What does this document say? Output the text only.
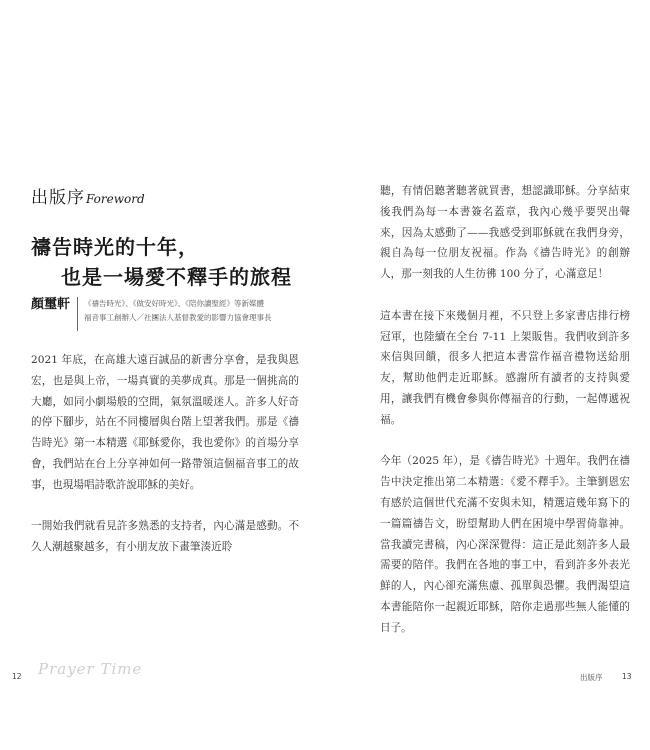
出版序 Foreword
禱告時光的十年，
也是一場愛不釋手的旅程
顏璽軒	《禱告時光》、《做安好時光》、《陪你讀聖經》等新媒體
福音事工創辦人／社團法人基督教愛的影響力協會理事長

2021 年底，在高雄大遠百誠品的新書分享會，是我與恩宏，也是與上帝，一場真實的美夢成真。那是一個挑高的大廳，如同小劇場般的空間，氣氛溫暖迷人。許多人好奇的停下腳步，站在不同樓層與台階上望著我們。那是《禱告時光》第一本精選《耶穌愛你，我也愛你》的首場分享會，我們站在台上分享神如何一路帶領這個福音事工的故事，也現場唱詩歌許說耶穌的美好。

一開始我們就看見許多熟悉的支持者，內心滿是感動。不久人潮越聚越多，有小朋友放下畫筆湊近聆

聽，有情侶聽著聽著就買書，想認識耶穌。分享結束後我們為每一本書簽名蓋章，我內心幾乎要哭出聲來，因為太感動了——我感受到耶穌就在我們身旁，親自為每一位朋友祝福。作為《禱告時光》的創辦人，那一刻我的人生彷彿 100 分了，心滿意足！

這本書在接下來幾個月裡，不只登上多家書店排行榜冠軍，也陸續在全台 7-11 上架販售。我們收到許多來信與回饋，很多人把這本書當作福音禮物送給朋友，幫助他們走近耶穌。感謝所有讀者的支持與愛用，讓我們有機會參與你傳福音的行動，一起傳遞祝福。

今年（2025 年），是《禱告時光》十週年。我們在禱告中決定推出第二本精選：《愛不釋手》。主筆劉恩宏有感於這個世代充滿不安與未知，精選這幾年寫下的一篇篇禱告文，盼望幫助人們在困境中學習倚靠神。當我讀完書稿，內心深深覺得：這正是此刻許多人最需要的陪伴。我們在各地的事工中，看到許多外表光鮮的人，內心卻充滿焦慮、孤單與恐懼。我們渴望這本書能陪你一起親近耶穌，陪你走過那些無人能懂的日子。

12 Prayer Time	出版序	13
